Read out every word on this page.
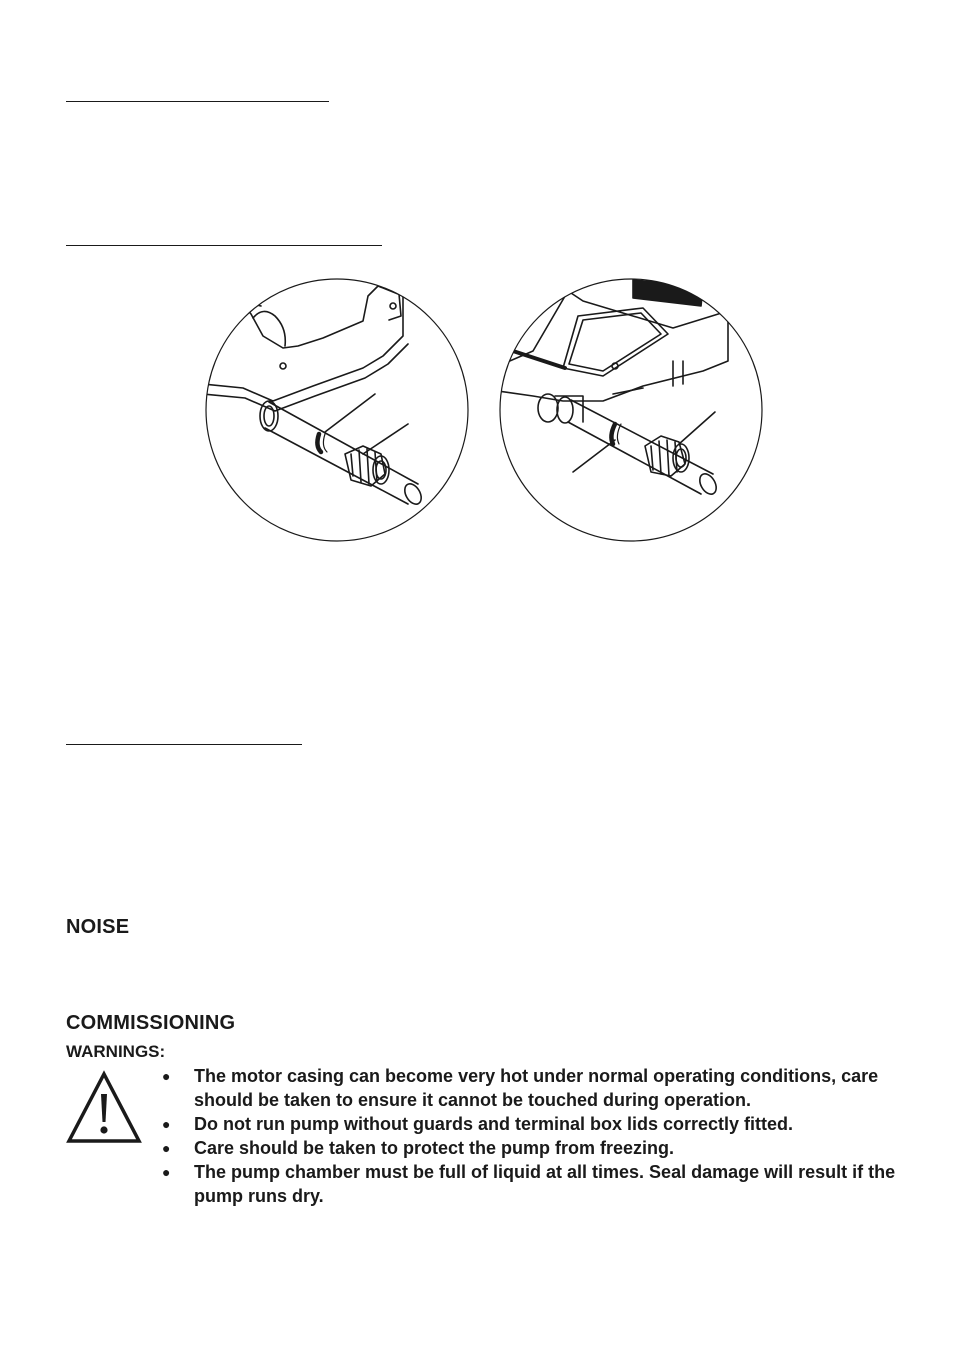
NOISE
COMMISSIONING

WARNINGS:

● The motor casing can become very hot under normal operating conditions, care should be taken to ensure it cannot be touched during operation.
● Do not run pump without guards and terminal box lids correctly fitted.
● Care should be taken to protect the pump from freezing.
● The pump chamber must be full of liquid at all times. Seal damage will result if the pump runs dry.
